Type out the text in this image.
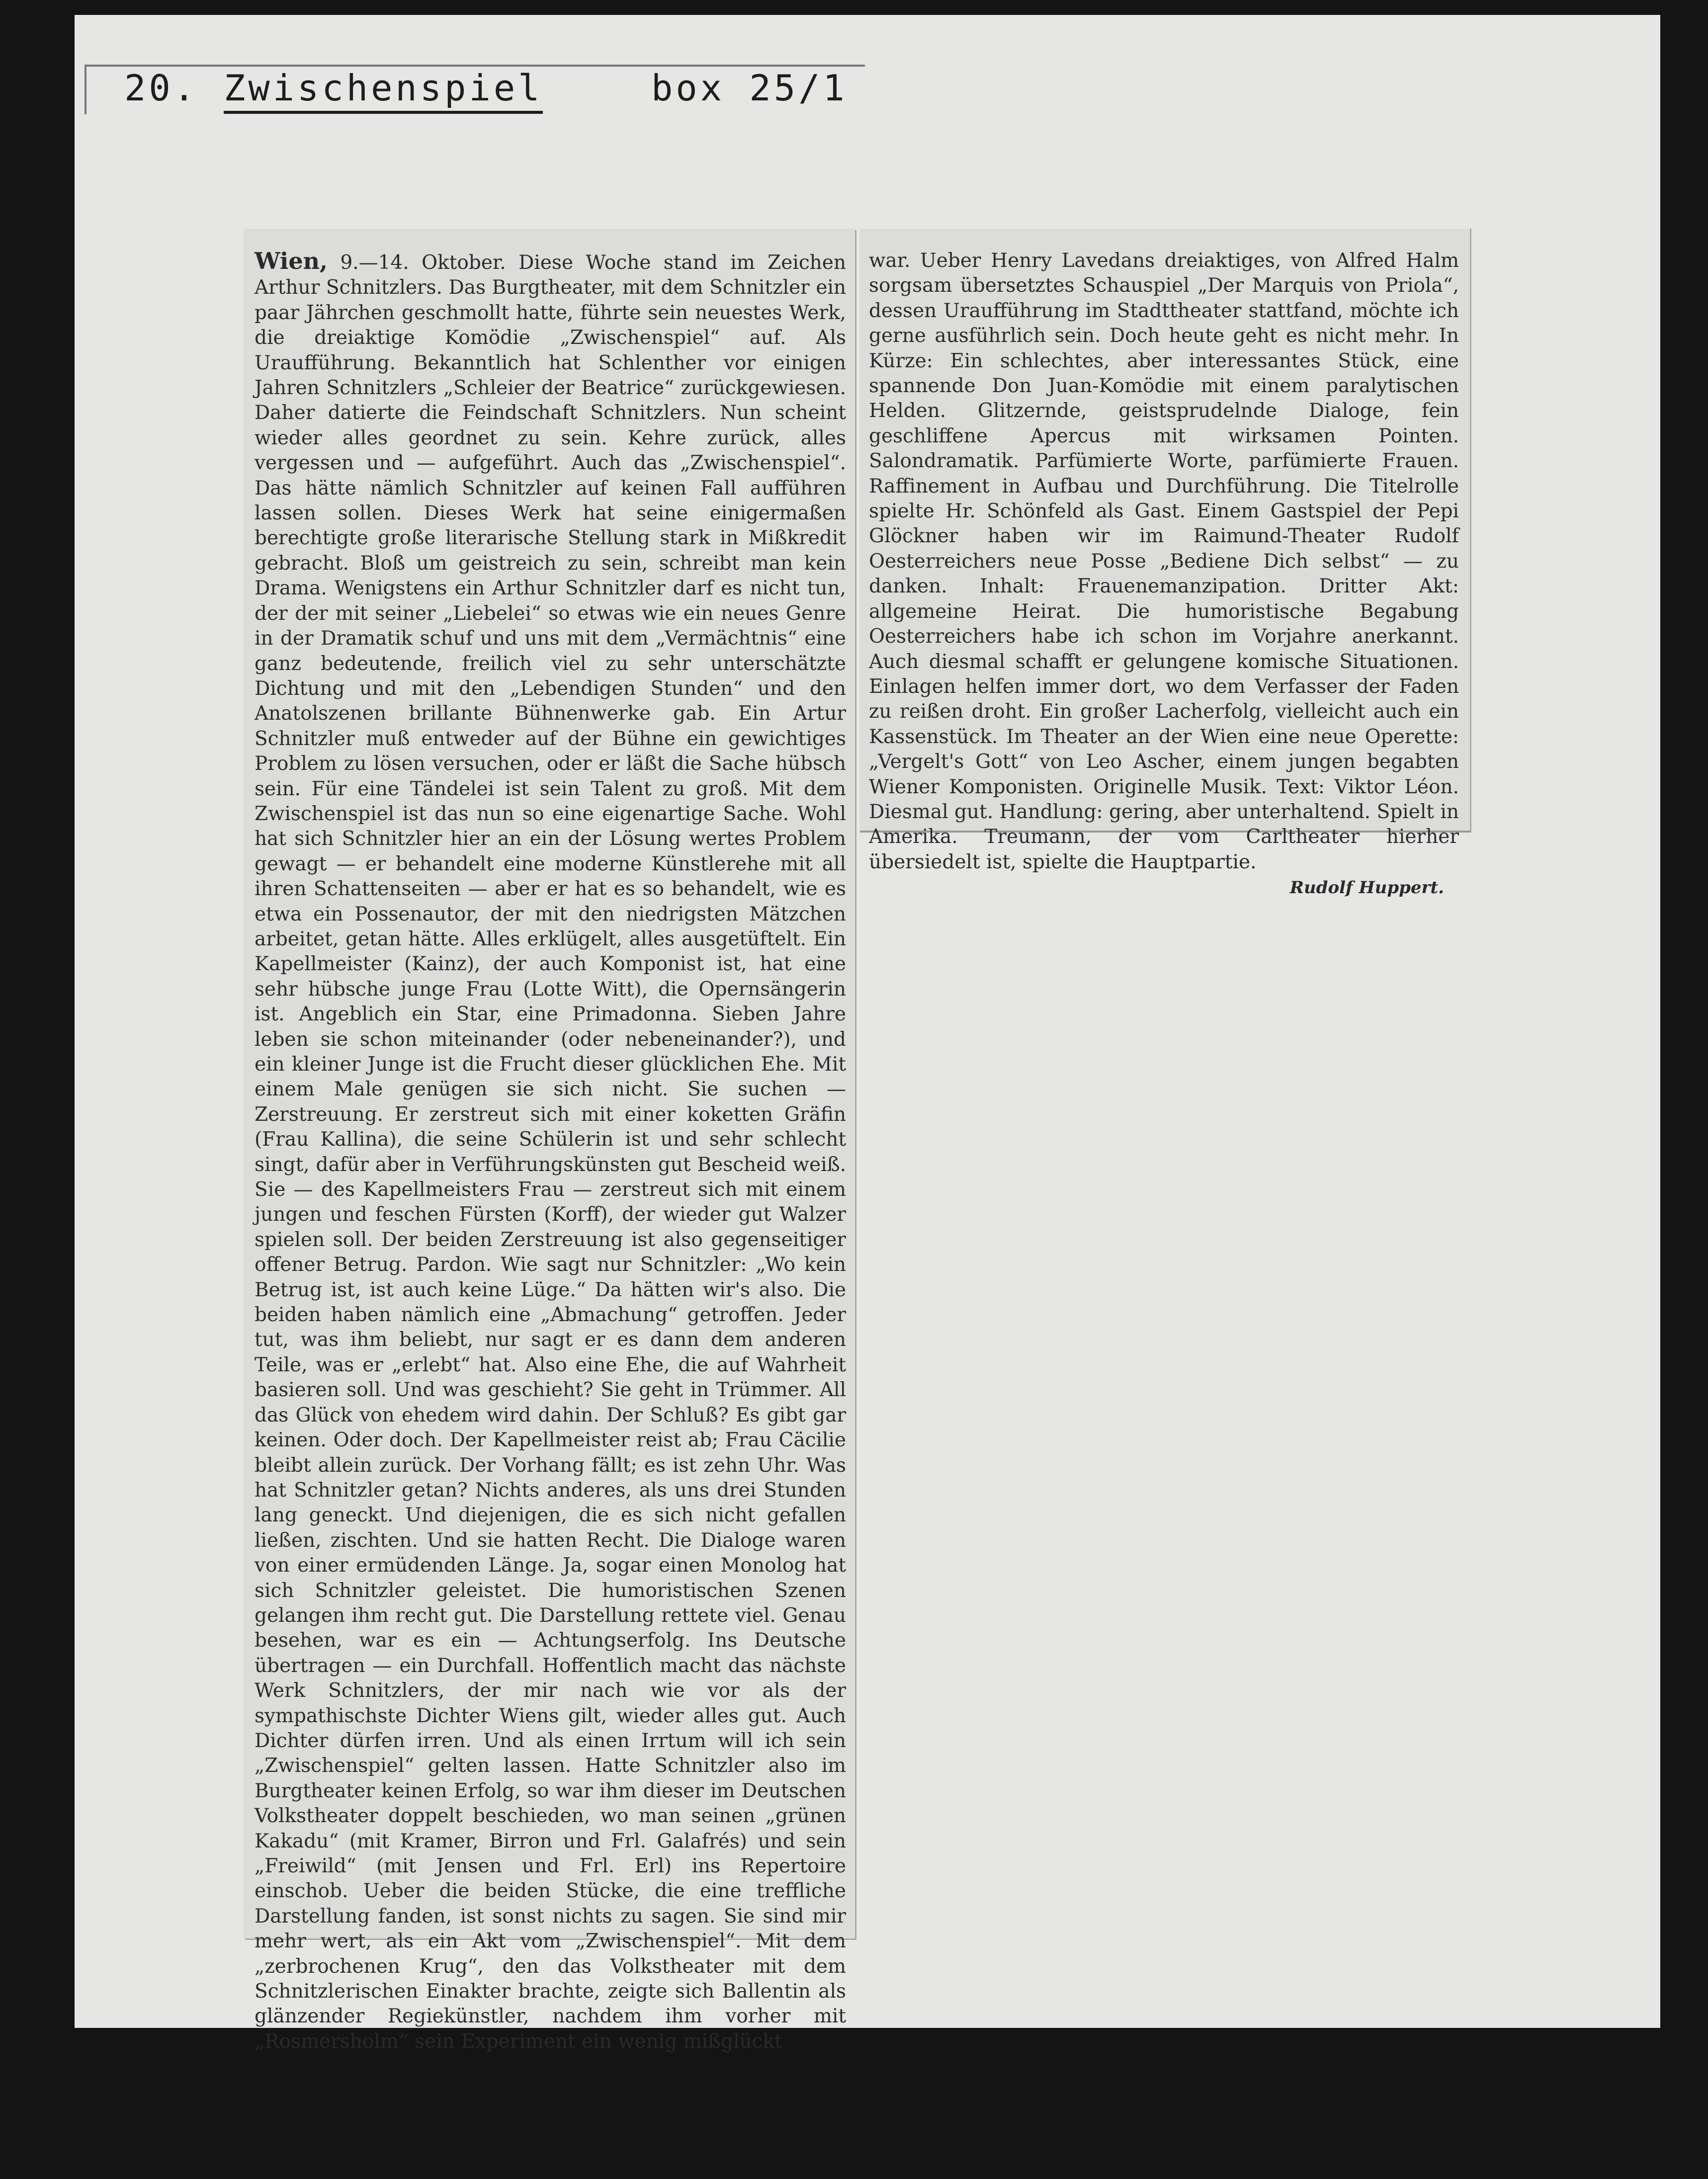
20. Zwischenspiel	box 25/1

Wien, 9.—14. Oktober. Diese Woche stand im Zeichen Arthur Schnitzlers. Das Burgtheater, mit dem Schnitzler ein paar Jährchen geschmollt hatte, führte sein neuestes Werk, die dreiaktige Komödie „Zwischenspiel“ auf. Als Uraufführung. Bekanntlich hat Schlenther vor einigen Jahren Schnitzlers „Schleier der Beatrice“ zurückgewiesen. Daher datierte die Feindschaft Schnitzlers. Nun scheint wieder alles geordnet zu sein. Kehre zurück, alles vergessen und — aufgeführt. Auch das „Zwischenspiel“. Das hätte nämlich Schnitzler auf keinen Fall aufführen lassen sollen. Dieses Werk hat seine einigermaßen berechtigte große literarische Stellung stark in Mißkredit gebracht. Bloß um geistreich zu sein, schreibt man kein Drama. Wenigstens ein Arthur Schnitzler darf es nicht tun, der der mit seiner „Liebelei“ so etwas wie ein neues Genre in der Dramatik schuf und uns mit dem „Vermächtnis“ eine ganz bedeutende, freilich viel zu sehr unterschätzte Dichtung und mit den „Lebendigen Stunden“ und den Anatolszenen brillante Bühnenwerke gab. Ein Artur Schnitzler muß entweder auf der Bühne ein gewichtiges Problem zu lösen versuchen, oder er läßt die Sache hübsch sein. Für eine Tändelei ist sein Talent zu groß. Mit dem Zwischenspiel ist das nun so eine eigenartige Sache. Wohl hat sich Schnitzler hier an ein der Lösung wertes Problem gewagt — er behandelt eine moderne Künstlerehe mit all ihren Schattenseiten — aber er hat es so behandelt, wie es etwa ein Possenautor, der mit den niedrigsten Mätzchen arbeitet, getan hätte. Alles erklügelt, alles ausgetüftelt. Ein Kapellmeister (Kainz), der auch Komponist ist, hat eine sehr hübsche junge Frau (Lotte Witt), die Opernsängerin ist. Angeblich ein Star, eine Primadonna. Sieben Jahre leben sie schon miteinander (oder nebeneinander?), und ein kleiner Junge ist die Frucht dieser glücklichen Ehe. Mit einem Male genügen sie sich nicht. Sie suchen — Zerstreuung. Er zerstreut sich mit einer koketten Gräfin (Frau Kallina), die seine Schülerin ist und sehr schlecht singt, dafür aber in Verführungskünsten gut Bescheid weiß. Sie — des Kapellmeisters Frau — zerstreut sich mit einem jungen und feschen Fürsten (Korff), der wieder gut Walzer spielen soll. Der beiden Zerstreuung ist also gegenseitiger offener Betrug. Pardon. Wie sagt nur Schnitzler: „Wo kein Betrug ist, ist auch keine Lüge.“ Da hätten wir's also. Die beiden haben nämlich eine „Abmachung“ getroffen. Jeder tut, was ihm beliebt, nur sagt er es dann dem anderen Teile, was er „erlebt“ hat. Also eine Ehe, die auf Wahrheit basieren soll. Und was geschieht? Sie geht in Trümmer. All das Glück von ehedem wird dahin. Der Schluß? Es gibt gar keinen. Oder doch. Der Kapellmeister reist ab; Frau Cäcilie bleibt allein zurück. Der Vorhang fällt; es ist zehn Uhr. Was hat Schnitzler getan? Nichts anderes, als uns drei Stunden lang geneckt. Und diejenigen, die es sich nicht gefallen ließen, zischten. Und sie hatten Recht. Die Dialoge waren von einer ermüdenden Länge. Ja, sogar einen Monolog hat sich Schnitzler geleistet. Die humoristischen Szenen gelangen ihm recht gut. Die Darstellung rettete viel. Genau besehen, war es ein — Achtungserfolg. Ins Deutsche übertragen — ein Durchfall. Hoffentlich macht das nächste Werk Schnitzlers, der mir nach wie vor als der sympathischste Dichter Wiens gilt, wieder alles gut. Auch Dichter dürfen irren. Und als einen Irrtum will ich sein „Zwischenspiel“ gelten lassen. Hatte Schnitzler also im Burgtheater keinen Erfolg, so war ihm dieser im Deutschen Volkstheater doppelt beschieden, wo man seinen „grünen Kakadu“ (mit Kramer, Birron und Frl. Galafrés) und sein „Freiwild“ (mit Jensen und Frl. Erl) ins Repertoire einschob. Ueber die beiden Stücke, die eine treffliche Darstellung fanden, ist sonst nichts zu sagen. Sie sind mir mehr wert, als ein Akt vom „Zwischenspiel“. Mit dem „zerbrochenen Krug“, den das Volkstheater mit dem Schnitzlerischen Einakter brachte, zeigte sich Ballentin als glänzender Regiekünstler, nachdem ihm vorher mit „Rosmersholm“ sein Experiment ein wenig mißglückt

war. Ueber Henry Lavedans dreiaktiges, von Alfred Halm sorgsam übersetztes Schauspiel „Der Marquis von Priola“, dessen Uraufführung im Stadttheater stattfand, möchte ich gerne ausführlich sein. Doch heute geht es nicht mehr. In Kürze: Ein schlechtes, aber interessantes Stück, eine spannende Don Juan-Komödie mit einem paralytischen Helden. Glitzernde, geistsprudelnde Dialoge, fein geschliffene Apercus mit wirksamen Pointen. Salondramatik. Parfümierte Worte, parfümierte Frauen. Raffinement in Aufbau und Durchführung. Die Titelrolle spielte Hr. Schönfeld als Gast. Einem Gastspiel der Pepi Glöckner haben wir im Raimund-Theater Rudolf Oesterreichers neue Posse „Bediene Dich selbst“ — zu danken. Inhalt: Frauenemanzipation. Dritter Akt: allgemeine Heirat. Die humoristische Begabung Oesterreichers habe ich schon im Vorjahre anerkannt. Auch diesmal schafft er gelungene komische Situationen. Einlagen helfen immer dort, wo dem Verfasser der Faden zu reißen droht. Ein großer Lacherfolg, vielleicht auch ein Kassenstück. Im Theater an der Wien eine neue Operette: „Vergelt's Gott“ von Leo Ascher, einem jungen begabten Wiener Komponisten. Originelle Musik. Text: Viktor Léon. Diesmal gut. Handlung: gering, aber unterhaltend. Spielt in Amerika. Treumann, der vom Carltheater hierher übersiedelt ist, spielte die Hauptpartie.

Rudolf Huppert.
